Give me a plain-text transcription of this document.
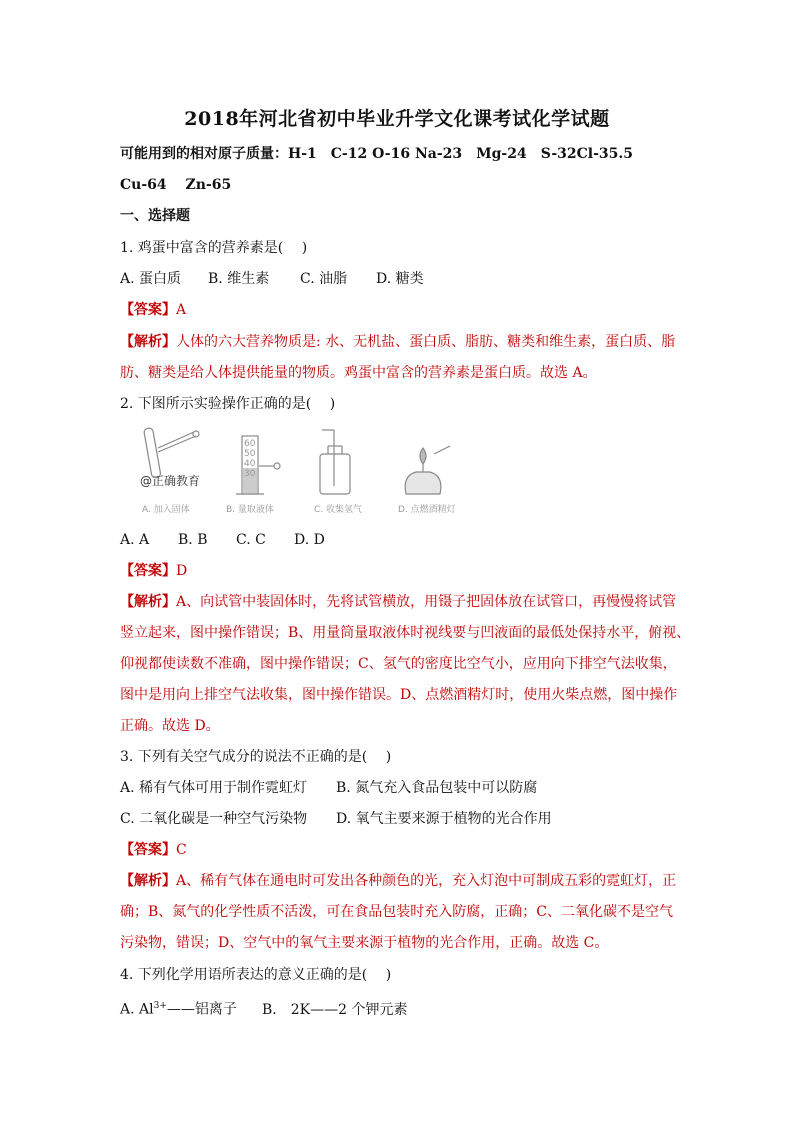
2018年河北省初中毕业升学文化课考试化学试题
可能用到的相对原子质量：H-1　C-12 O-16 Na-23　Mg-24　S-32Cl-35.5
Cu-64　 Zn-65
一、选择题
1. 鸡蛋中富含的营养素是(　 )
A. 蛋白质 B. 维生素 C. 油脂 D. 糖类
【答案】A
【解析】人体的六大营养物质是: 水、无机盐、蛋白质、脂肪、糖类和维生素，蛋白质、脂
肪、糖类是给人体提供能量的物质。鸡蛋中富含的营养素是蛋白质。故选 A。
2. 下图所示实验操作正确的是(　 )
A. 加入固体
60
50
40
30
B. 量取液体	C. 收集氢气	D. 点燃酒精灯
@正确教育
A. A B. B C. C D. D
【答案】D
【解析】A、向试管中装固体时，先将试管横放，用镊子把固体放在试管口，再慢慢将试管
竖立起来，图中操作错误；B、用量筒量取液体时视线要与凹液面的最低处保持水平，俯视、
仰视都使读数不准确，图中操作错误；C、氢气的密度比空气小，应用向下排空气法收集，
图中是用向上排空气法收集，图中操作错误。D、点燃酒精灯时，使用火柴点燃，图中操作
正确。故选 D。
3. 下列有关空气成分的说法不正确的是(　 )
A. 稀有气体可用于制作霓虹灯 B. 氮气充入食品包装中可以防腐
C. 二氧化碳是一种空气污染物 D. 氧气主要来源于植物的光合作用
【答案】C
【解析】A、稀有气体在通电时可发出各种颜色的光，充入灯泡中可制成五彩的霓虹灯，正
确；B、氮气的化学性质不活泼，可在食品包装时充入防腐，正确；C、二氧化碳不是空气
污染物，错误；D、空气中的氧气主要来源于植物的光合作用，正确。故选 C。
4. 下列化学用语所表达的意义正确的是(　 )
A. $Al^{3+}——$铝离子 B.　2K——2 个钾元素
